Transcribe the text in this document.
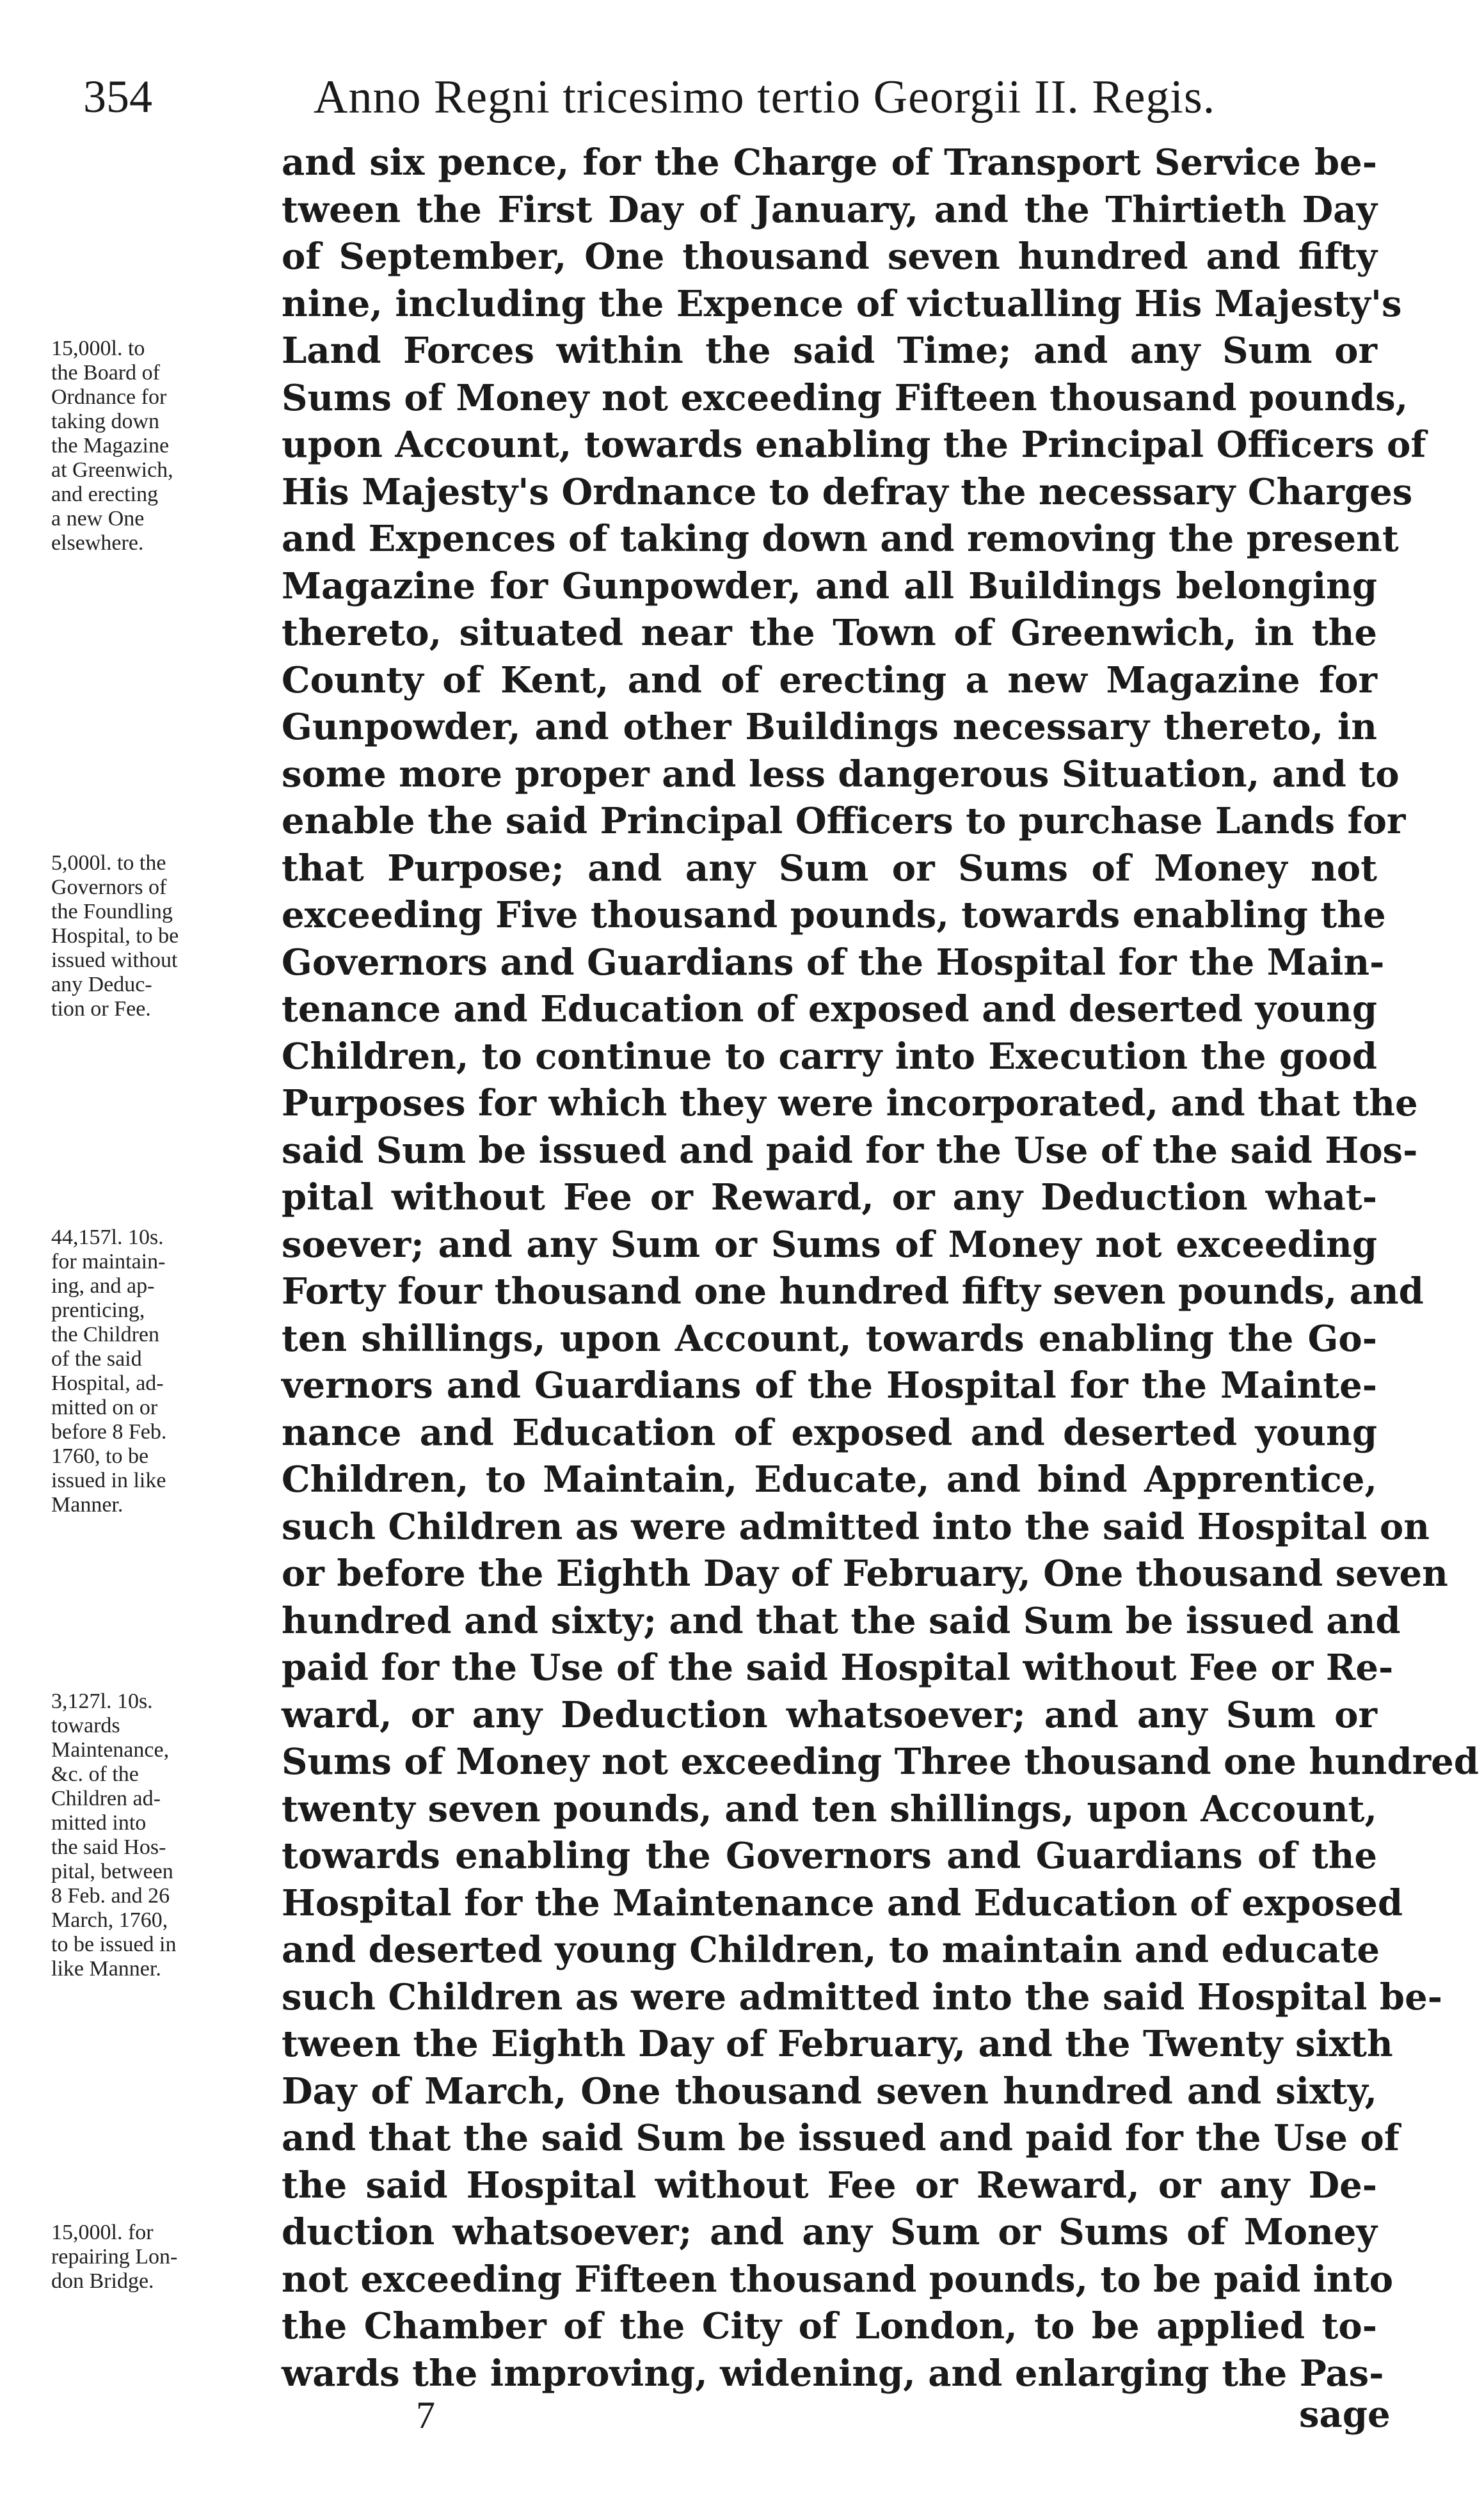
354	Anno Regni tricesimo tertio Georgii II. Regis.
and six pence, for the Charge of Transport Service be-
tween the First Day of January, and the Thirtieth Day
of September, One thousand seven hundred and fifty
nine, including the Expence of victualling His Majesty's
Land Forces within the said Time; and any Sum or
Sums of Money not exceeding Fifteen thousand pounds,
upon Account, towards enabling the Principal Officers of
His Majesty's Ordnance to defray the necessary Charges
and Expences of taking down and removing the present
Magazine for Gunpowder, and all Buildings belonging
thereto, situated near the Town of Greenwich, in the
County of Kent, and of erecting a new Magazine for
Gunpowder, and other Buildings necessary thereto, in
some more proper and less dangerous Situation, and to
enable the said Principal Officers to purchase Lands for
that Purpose; and any Sum or Sums of Money not
exceeding Five thousand pounds, towards enabling the
Governors and Guardians of the Hospital for the Main-
tenance and Education of exposed and deserted young
Children, to continue to carry into Execution the good
Purposes for which they were incorporated, and that the
said Sum be issued and paid for the Use of the said Hos-
pital without Fee or Reward, or any Deduction what-
soever; and any Sum or Sums of Money not exceeding
Forty four thousand one hundred fifty seven pounds, and
ten shillings, upon Account, towards enabling the Go-
vernors and Guardians of the Hospital for the Mainte-
nance and Education of exposed and deserted young
Children, to Maintain, Educate, and bind Apprentice,
such Children as were admitted into the said Hospital on
or before the Eighth Day of February, One thousand seven
hundred and sixty; and that the said Sum be issued and
paid for the Use of the said Hospital without Fee or Re-
ward, or any Deduction whatsoever; and any Sum or
Sums of Money not exceeding Three thousand one hundred
twenty seven pounds, and ten shillings, upon Account,
towards enabling the Governors and Guardians of the
Hospital for the Maintenance and Education of exposed
and deserted young Children, to maintain and educate
such Children as were admitted into the said Hospital be-
tween the Eighth Day of February, and the Twenty sixth
Day of March, One thousand seven hundred and sixty,
and that the said Sum be issued and paid for the Use of
the said Hospital without Fee or Reward, or any De-
duction whatsoever; and any Sum or Sums of Money
not exceeding Fifteen thousand pounds, to be paid into
the Chamber of the City of London, to be applied to-
wards the improving, widening, and enlarging the Pas-
15,000l. to
the Board of
Ordnance for
taking down
the Magazine
at Greenwich,
and erecting
a new One
elsewhere.
5,000l. to the
Governors of
the Foundling
Hospital, to be
issued without
any Deduc-
tion or Fee.
44,157l. 10s.
for maintain-
ing, and ap-
prenticing,
the Children
of the said
Hospital, ad-
mitted on or
before 8 Feb.
1760, to be
issued in like
Manner.
3,127l. 10s.
towards
Maintenance,
&c. of the
Children ad-
mitted into
the said Hos-
pital, between
8 Feb. and 26
March, 1760,
to be issued in
like Manner.
15,000l. for
repairing Lon-
don Bridge.
7	sage
